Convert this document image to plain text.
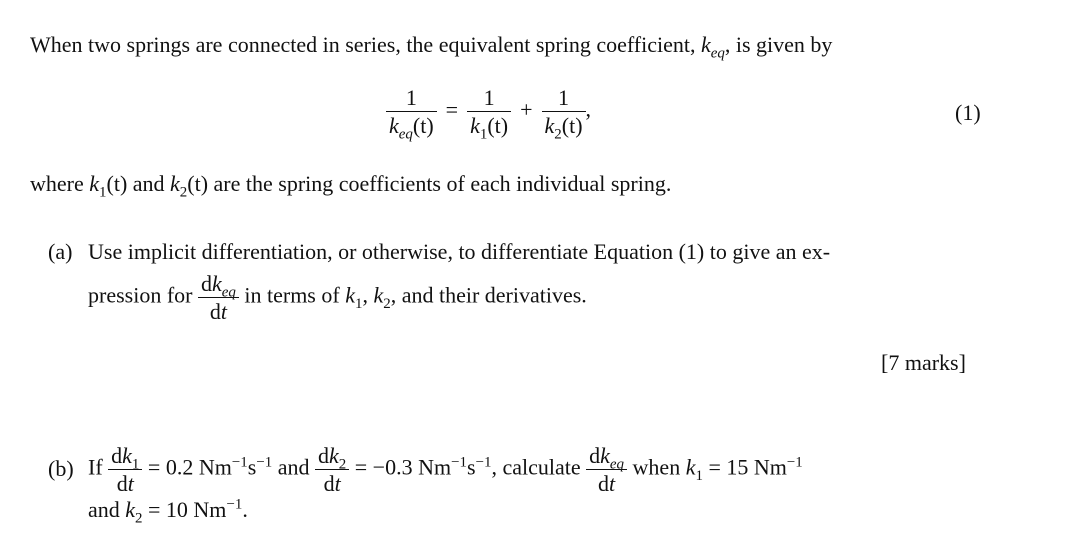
When two springs are connected in series, the equivalent spring coefficient, $k_{eq}$, is given by
$\frac{1}{k_{eq}(t)} = \frac{1}{k_1(t)} + \frac{1}{k_2(t)}$ ,	(1)
where $k_1(t)$ and $k_2(t)$ are the spring coefficients of each individual spring.
(a) Use implicit differentiation, or otherwise, to differentiate Equation (1) to give an ex-
pression for $\frac{dk_{eq}}{dt}$ in terms of $k_1$, $k_2$, and their derivatives.
[7 marks]
(b) If $\frac{dk_1}{dt} = 0.2$ $Nm^{-1}s^{-1}$ and $\frac{dk_2}{dt} = -0.3$ $Nm^{-1}s^{-1}$, calculate $\frac{dk_{eq}}{dt}$ when $k_1 = 15$ $Nm^{-1}$
and $k_2 = 10$ $Nm^{-1}$.
